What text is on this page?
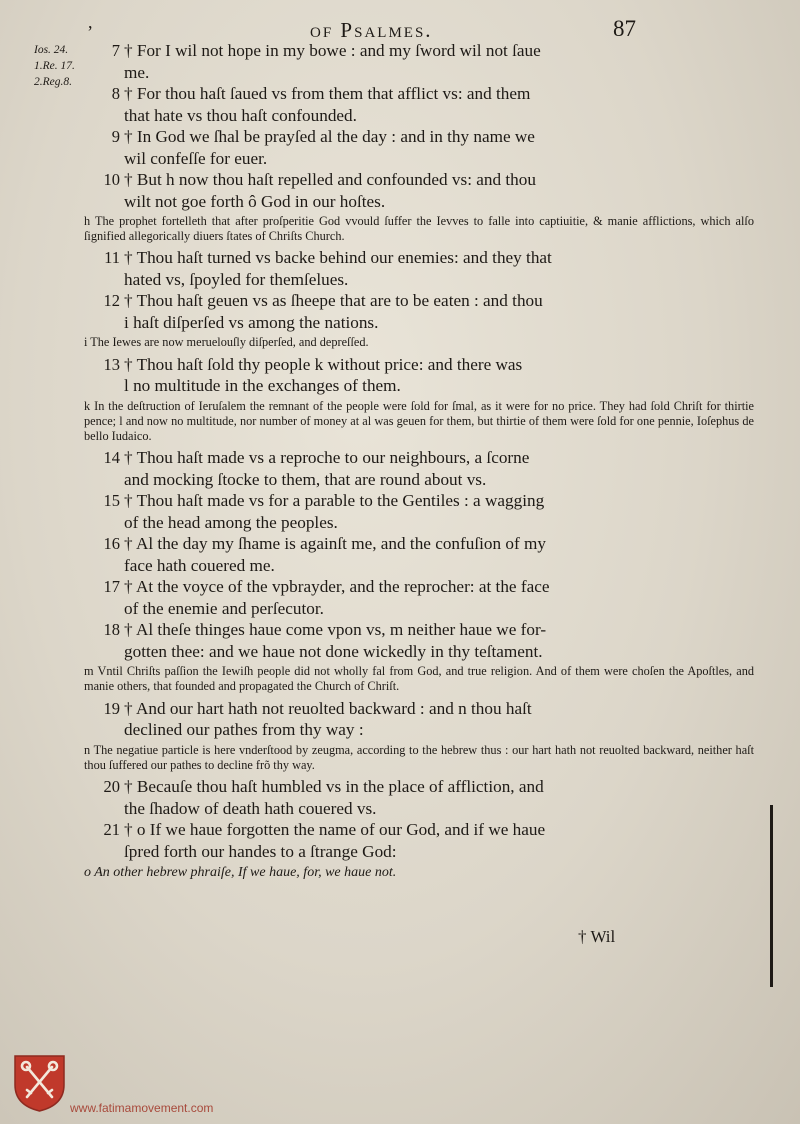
,	of Psalmes.	87
Ios. 24.
1.Re. 17.
2.Reg.8.
7 † For I wil not hope in my bowe : and my ſword wil not ſaue
me.
8 † For thou haſt ſaued vs from them that afflict vs: and them
that hate vs thou haſt confounded.
9 † In God we ſhal be prayſed al the day : and in thy name we
wil confeſſe for euer.
10 † But h now thou haſt repelled and confounded vs: and thou
wilt not goe forth ô God in our hoſtes.
h The prophet fortelleth that after proſperitie God vvould ſuffer the Ievves to falle into captiuitie, & manie afflictions, which alſo ſignified allegorically diuers ſtates of Chriſts Church.
11 † Thou haſt turned vs backe behind our enemies: and they that
hated vs, ſpoyled for themſelues.
12 † Thou haſt geuen vs as ſheepe that are to be eaten : and thou
i haſt diſperſed vs among the nations.
i The Iewes are now meruelouſly diſperſed, and depreſſed.
13 † Thou haſt ſold thy people k without price: and there was
l no multitude in the exchanges of them.
k In the deſtruction of Ieruſalem the remnant of the people were ſold for ſmal, as it were for no price. They had ſold Chriſt for thirtie pence; l and now no multitude, nor number of money at al was geuen for them, but thirtie of them were ſold for one pennie, Ioſephus de bello Iudaico.
14 † Thou haſt made vs a reproche to our neighbours, a ſcorne
and mocking ſtocke to them, that are round about vs.
15 † Thou haſt made vs for a parable to the Gentiles : a wagging
of the head among the peoples.
16 † Al the day my ſhame is againſt me, and the confuſion of my
face hath couered me.
17 † At the voyce of the vpbrayder, and the reprocher: at the face
of the enemie and perſecutor.
18 † Al theſe thinges haue come vpon vs, m neither haue we for-
gotten thee: and we haue not done wickedly in thy teſtament.
m Vntil Chriſts paſſion the Iewiſh people did not wholly fal from God, and true religion. And of them were choſen the Apoſtles, and manie others, that founded and propagated the Church of Chriſt.
19 † And our hart hath not reuolted backward : and n thou haſt
declined our pathes from thy way :
n The negatiue particle is here vnderſtood by zeugma, according to the hebrew thus : our hart hath not reuolted backward, neither haſt thou ſuffered our pathes to decline frõ thy way.
20 † Becauſe thou haſt humbled vs in the place of affliction, and
the ſhadow of death hath couered vs.
21 † o If we haue forgotten the name of our God, and if we haue
ſpred forth our handes to a ſtrange God:
o An other hebrew phraiſe, If we haue, for, we haue not.
† Wil
www.fatimamovement.com
